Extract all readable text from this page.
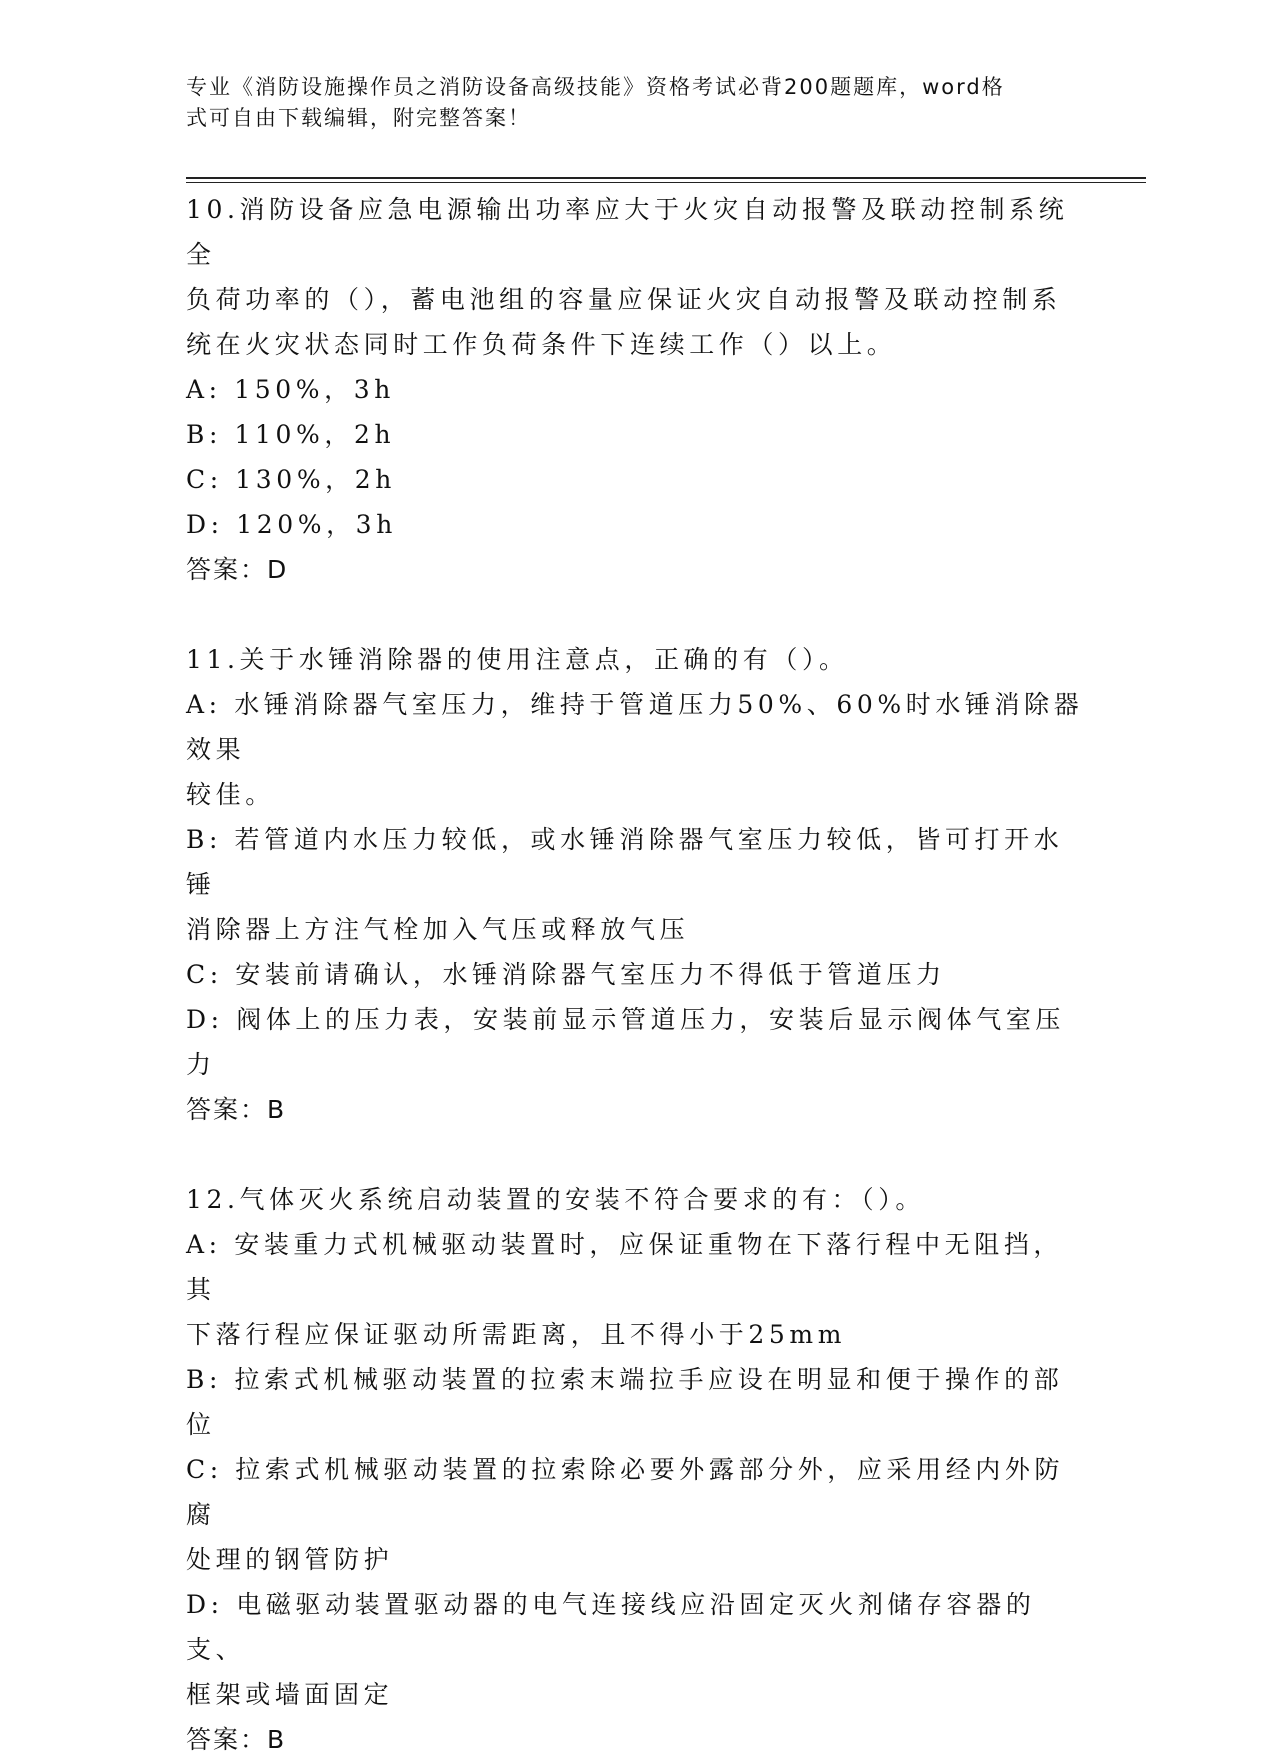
专业《消防设施操作员之消防设备高级技能》资格考试必背200题题库，word格
式可自由下载编辑，附完整答案！
10.消防设备应急电源输出功率应大于火灾自动报警及联动控制系统全
负荷功率的（），蓄电池组的容量应保证火灾自动报警及联动控制系
统在火灾状态同时工作负荷条件下连续工作（）以上。
A: 150%，3h
B: 110%，2h
C: 130%，2h
D: 120%，3h
答案：D
11.关于水锤消除器的使用注意点，正确的有（）。
A: 水锤消除器气室压力，维持于管道压力50%、60%时水锤消除器效果
较佳。
B: 若管道内水压力较低，或水锤消除器气室压力较低，皆可打开水锤
消除器上方注气栓加入气压或释放气压
C: 安装前请确认，水锤消除器气室压力不得低于管道压力
D: 阀体上的压力表，安装前显示管道压力，安装后显示阀体气室压力
答案：B
12.气体灭火系统启动装置的安装不符合要求的有：（）。
A: 安装重力式机械驱动装置时，应保证重物在下落行程中无阻挡，其
下落行程应保证驱动所需距离，且不得小于25mm
B: 拉索式机械驱动装置的拉索末端拉手应设在明显和便于操作的部位
C: 拉索式机械驱动装置的拉索除必要外露部分外，应采用经内外防腐
处理的钢管防护
D: 电磁驱动装置驱动器的电气连接线应沿固定灭火剂储存容器的支、
框架或墙面固定
答案：B
